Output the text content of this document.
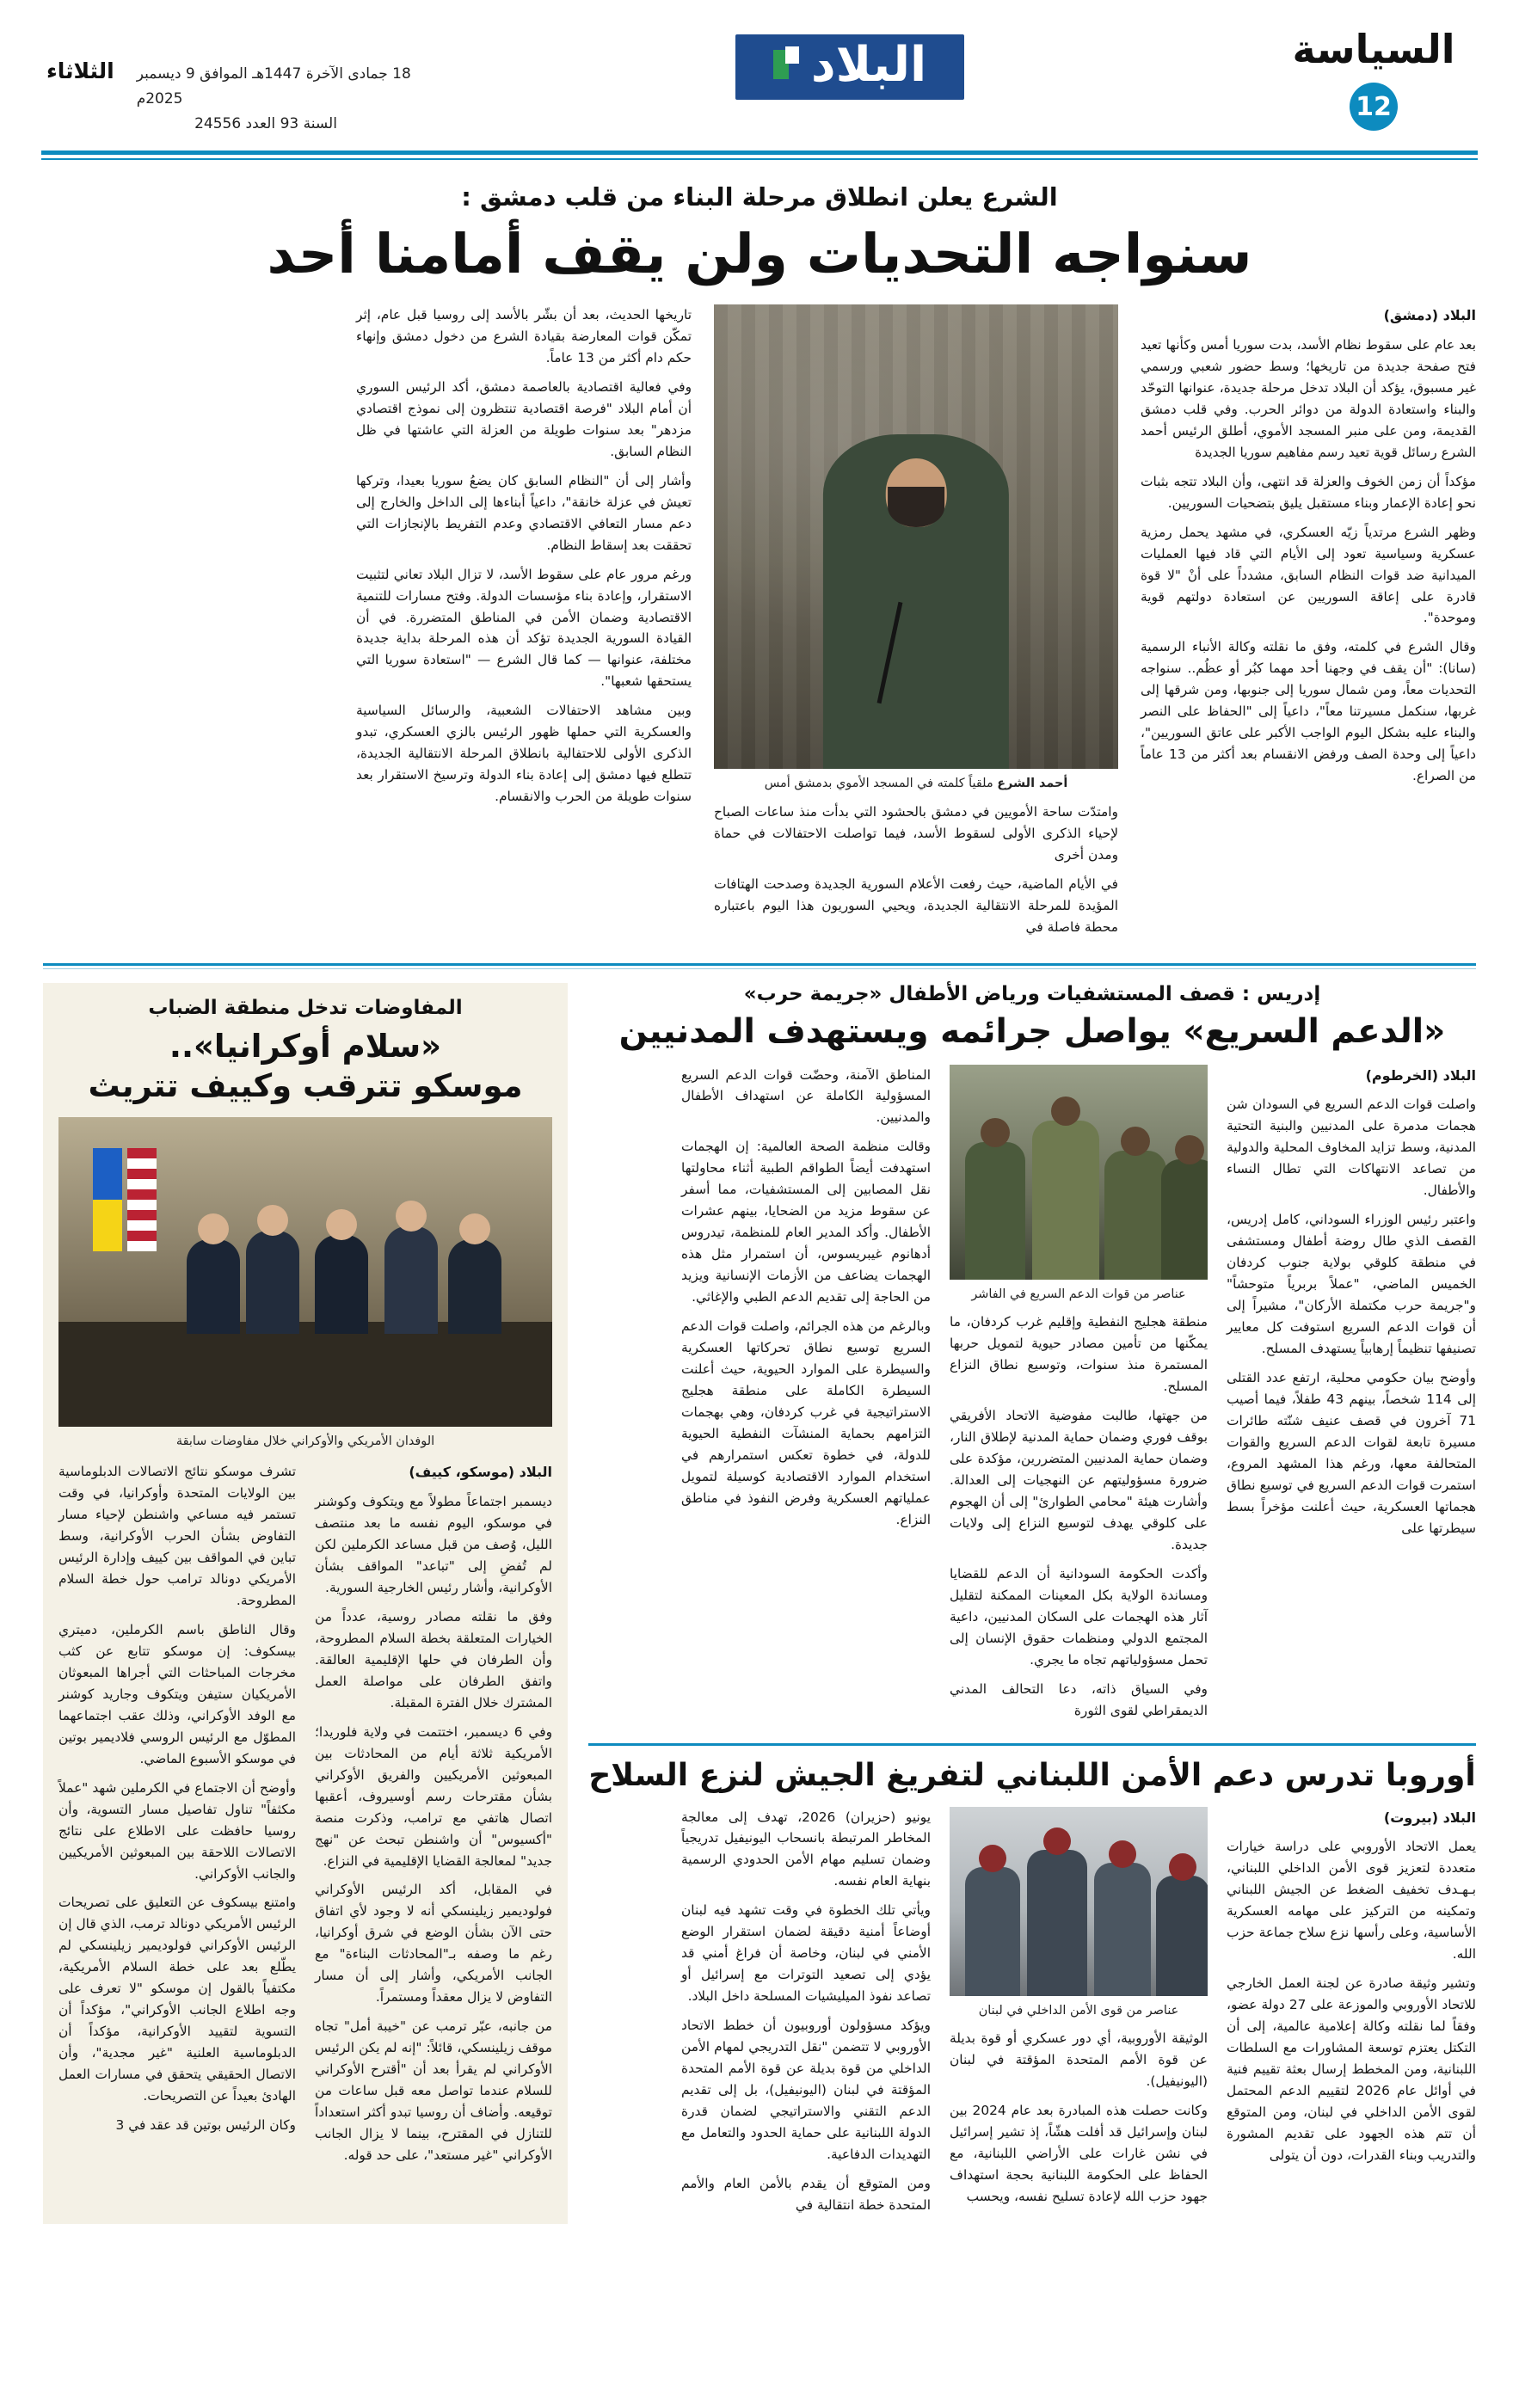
السياسة
12
البلاد
18 جمادى الآخرة 1447هـ الموافق 9 ديسمبر 2025م
الثلاثاء
السنة 93 العدد 24556
الشرع يعلن انطلاق مرحلة البناء من قلب دمشق :
سنواجه التحديات ولن يقف أمامنا أحد

البلاد (دمشق)

بعد عام على سقوط نظام الأسد، بدت سوريا أمس وكأنها تعيد فتح صفحة جديدة من تاريخها؛ وسط حضور شعبي ورسمي غير مسبوق، يؤكد أن البلاد تدخل مرحلة جديدة، عنوانها التوحّد والبناء واستعادة الدولة من دوائر الحرب. وفي قلب دمشق القديمة، ومن على منبر المسجد الأموي، أطلق الرئيس أحمد الشرع رسائل قوية تعيد رسم مفاهيم سوريا الجديدة

مؤكداً أن زمن الخوف والعزلة قد انتهى، وأن البلاد تتجه بثبات نحو إعادة الإعمار وبناء مستقبل يليق بتضحيات السوريين.

وظهر الشرع مرتدياً زيّه العسكري، في مشهد يحمل رمزية عسكرية وسياسية تعود إلى الأيام التي قاد فيها العمليات الميدانية ضد قوات النظام السابق، مشدداً على أنْ "لا قوة قادرة على إعاقة السوريين عن استعادة دولتهم قوية وموحدة".

وقال الشرع في كلمته، وفق ما نقلته وكالة الأنباء الرسمية (سانا): "أن يقف في وجهنا أحد مهما كبُر أو عظُم.. سنواجه التحديات معاً، ومن شمال سوريا إلى جنوبها، ومن شرقها إلى غربها، سنكمل مسيرتنا معاً"، داعياً إلى "الحفاظ على النصر والبناء عليه بشكل اليوم الواجب الأكبر على عاتق السوريين"، داعياً إلى وحدة الصف ورفض الانقسام بعد أكثر من 13 عاماً من الصراع.

أحمد الشرع ملقياً كلمته في المسجد الأموي بدمشق أمس

وامتدّت ساحة الأمويين في دمشق بالحشود التي بدأت منذ ساعات الصباح لإحياء الذكرى الأولى لسقوط الأسد، فيما تواصلت الاحتفالات في حماة ومدن أخرى

تاريخها الحديث، بعد أن بشّر بالأسد إلى روسيا قبل عام، إثر تمكّن قوات المعارضة بقيادة الشرع من دخول دمشق وإنهاء حكم دام أكثر من 13 عاماً.

وفي فعالية اقتصادية بالعاصمة دمشق، أكد الرئيس السوري أن أمام البلاد "فرصة اقتصادية تنتظرون إلى نموذج اقتصادي مزدهر" بعد سنوات طويلة من العزلة التي عاشتها في ظل النظام السابق.

وأشار إلى أن "النظام السابق كان يضعُ سوريا بعيدا، وتركها تعيش في عزلة خانقة"، داعياً أبناءها إلى الداخل والخارج إلى دعم مسار التعافي الاقتصادي وعدم التفريط بالإنجازات التي تحققت بعد إسقاط النظام.

ورغم مرور عام على سقوط الأسد، لا تزال البلاد تعاني لتثبيت الاستقرار، وإعادة بناء مؤسسات الدولة. وفتح مسارات للتنمية الاقتصادية وضمان الأمن في المناطق المتضررة. في أن القيادة السورية الجديدة تؤكد أن هذه المرحلة بداية جديدة مختلفة، عنوانها — كما قال الشرع — "استعادة سوريا التي يستحقها شعبها".

وبين مشاهد الاحتفالات الشعبية، والرسائل السياسية والعسكرية التي حملها ظهور الرئيس بالزي العسكري، تبدو الذكرى الأولى للاحتفالية بانطلاق المرحلة الانتقالية الجديدة، تتطلع فيها دمشق إلى إعادة بناء الدولة وترسيخ الاستقرار بعد سنوات طويلة من الحرب والانقسام.

في الأيام الماضية، حيث رفعت الأعلام السورية الجديدة وصدحت الهتافات المؤيدة للمرحلة الانتقالية الجديدة، ويحيي السوريون هذا اليوم باعتباره محطة فاصلة في

إدريس : قصف المستشفيات ورياض الأطفال «جريمة حرب»
«الدعم السريع» يواصل جرائمه ويستهدف المدنيين

البلاد (الخرطوم)

واصلت قوات الدعم السريع في السودان شن هجمات مدمرة على المدنيين والبنية التحتية المدنية، وسط تزايد المخاوف المحلية والدولية من تصاعد الانتهاكات التي تطال النساء والأطفال.

واعتبر رئيس الوزراء السوداني، كامل إدريس، القصف الذي طال روضة أطفال ومستشفى في منطقة كلوقي بولاية جنوب كردفان الخميس الماضي، "عملاً بربرياً متوحشاً" و"جريمة حرب مكتملة الأركان"، مشيراً إلى أن قوات الدعم السريع استوفت كل معايير تصنيفها تنظيماً إرهابياً يستهدف المسلح.

وأوضح بيان حكومي محلية، ارتفع عدد القتلى إلى 114 شخصاً، بينهم 43 طفلاً، فيما أصيب 71 آخرون في قصف عنيف شنّته طائرات مسيرة تابعة لقوات الدعم السريع والقوات المتحالفة معها، ورغم هذا المشهد المروع، استمرت قوات الدعم السريع في توسيع نطاق هجماتها العسكرية، حيث أعلنت مؤخراً بسط سيطرتها على

عناصر من قوات الدعم السريع في الفاشر

منطقة هجليج النفطية وإقليم غرب كردفان، ما يمكّنها من تأمين مصادر حيوية لتمويل حربها المستمرة منذ سنوات، وتوسيع نطاق النزاع المسلح.

من جهتها، طالبت مفوضية الاتحاد الأفريقي بوقف فوري وضمان حماية المدنية لإطلاق النار، وضمان حماية المدنيين المتضررين، مؤكدة على ضرورة مسؤوليتهم عن النهجيات إلى العدالة. وأشارت هيئة "محامي الطوارئ" إلى أن الهجوم على كلوقي يهدف لتوسيع النزاع إلى ولايات جديدة.

وأكدت الحكومة السودانية أن الدعم للقضايا ومساندة الولاية بكل المعينات الممكنة لتقليل آثار هذه الهجمات على السكان المدنيين، داعية المجتمع الدولي ومنظمات حقوق الإنسان إلى تحمل مسؤولياتهم تجاه ما يجري.

وفي السياق ذاته، دعا التحالف المدني الديمقراطي لقوى الثورة

المناطق الآمنة، وحضّت قوات الدعم السريع المسؤولية الكاملة عن استهداف الأطفال والمدنيين.

وقالت منظمة الصحة العالمية: إن الهجمات استهدفت أيضاً الطواقم الطبية أثناء محاولتها نقل المصابين إلى المستشفيات، مما أسفر عن سقوط مزيد من الضحايا، بينهم عشرات الأطفال. وأكد المدير العام للمنظمة، تيدروس أدهانوم غيبريسوس، أن استمرار مثل هذه الهجمات يضاعف من الأزمات الإنسانية ويزيد من الحاجة إلى تقديم الدعم الطبي والإغاثي.

وبالرغم من هذه الجرائم، واصلت قوات الدعم السريع توسيع نطاق تحركاتها العسكرية والسيطرة على الموارد الحيوية، حيث أعلنت السيطرة الكاملة على منطقة هجليج الاستراتيجية في غرب كردفان، وهي بهجمات التزامهم بحماية المنشآت النفطية الحيوية للدولة، في خطوة تعكس استمرارهم في استخدام الموارد الاقتصادية كوسيلة لتمويل عملياتهم العسكرية وفرض النفوذ في مناطق النزاع.

أوروبا تدرس دعم الأمن اللبناني لتفريغ الجيش لنزع السلاح

البلاد (بيروت)

يعمل الاتحاد الأوروبي على دراسة خيارات متعددة لتعزيز قوى الأمن الداخلي اللبناني، بـهـدف تخفيف الضغط عن الجيش اللبناني وتمكينه من التركيز على مهامه العسكرية الأساسية، وعلى رأسها نزع سلاح جماعة حزب الله.

وتشير وثيقة صادرة عن لجنة العمل الخارجي للاتحاد الأوروبي والموزعة على 27 دولة عضو، وفقاً لما نقلته وكالة إعلامية عالمية، إلى أن التكتل يعتزم توسعة المشاورات مع السلطات اللبنانية، ومن المخطط إرسال بعثة تقييم فنية في أوائل عام 2026 لتقييم الدعم المحتمل لقوى الأمن الداخلي في لبنان، ومن المتوقع أن تتم هذه الجهود على تقديم المشورة والتدريب وبناء القدرات، دون أن يتولى

عناصر من قوى الأمن الداخلي في لبنان

الوثيقة الأوروبية، أي دور عسكري أو قوة بديلة عن قوة الأمم المتحدة المؤقتة في لبنان (اليونيفيل).

وكانت حصلت هذه المبادرة بعد عام 2024 بين لبنان وإسرائيل قد أفلت هشّاً، إذ تشير إسرائيل في نشن غارات على الأراضي اللبنانية، مع الحفاظ على الحكومة اللبنانية بحجة استهداف جهود حزب الله لإعادة تسليح نفسه، ويحسب

يونيو (حزيران) 2026، تهدف إلى معالجة المخاطر المرتبطة بانسحاب اليونيفيل تدريجياً وضمان تسليم مهام الأمن الحدودي الرسمية بنهاية العام نفسه.

ويأتي تلك الخطوة في وقت تشهد فيه لبنان أوضاعاً أمنية دقيقة لضمان استقرار الوضع الأمني في لبنان، وخاصة أن فراغ أمني قد يؤدي إلى تصعيد التوترات مع إسرائيل أو تصاعد نفوذ الميليشيات المسلحة داخل البلاد.

ويؤكد مسؤولون أوروبيون أن خطط الاتحاد الأوروبي لا تتضمن "نقل التدريجي لمهام الأمن الداخلي من قوة بديلة عن قوة الأمم المتحدة المؤقتة في لبنان (اليونيفيل)، بل إلى تقديم الدعم التقني والاستراتيجي لضمان قدرة الدولة اللبنانية على حماية الحدود والتعامل مع التهديدات الدفاعية.

ومن المتوقع أن يقدم بالأمن العام والأمم المتحدة خطة انتقالية في

المفاوضات تدخل منطقة الضباب
«سلام أوكرانيا»..
موسكو تترقب وكييف تتريث
الوفدان الأمريكي والأوكراني خلال مفاوضات سابقة

البلاد (موسكو، كييف)

ديسمبر اجتماعاً مطولاً مع ويتكوف وكوشنر في موسكو، اليوم نفسه ما بعد منتصف الليل، وُصف من قبل مساعد الكرملين لكن لم تُفضِ إلى "تباعد" المواقف بشأن الأوكرانية، وأشار رئيس الخارجية السورية.

وفق ما نقلته مصادر روسية، عدداً من الخيارات المتعلقة بخطة السلام المطروحة، وأن الطرفان في حلها الإقليمية العالقة. واتفق الطرفان على مواصلة العمل المشترك خلال الفترة المقبلة.

وفي 6 ديسمبر، اختتمت في ولاية فلوريدا؛ الأمريكية ثلاثة أيام من المحادثات بين المبعوثين الأمريكيين والفريق الأوكراني بشأن مقترحات رسم أوسيروف، أعقبها اتصال هاتفي مع ترامب، وذكرت منصة "أكسيوس" أن واشنطن تبحث عن "نهج جديد" لمعالجة القضايا الإقليمية في النزاع.

في المقابل، أكد الرئيس الأوكراني فولوديمير زيلينسكي أنه لا وجود لأي اتفاق حتى الآن بشأن الوضع في شرق أوكرانيا، رغم ما وصفه بـ"المحادثات البناءة" مع الجانب الأمريكي، وأشار إلى أن مسار التفاوض لا يزال معقداً ومستمراً.

من جانبه، عبّر ترمب عن "خيبة أمل" تجاه موقف زيلينسكي، قائلاً: "إنه لم يكن الرئيس الأوكراني لم يقرأ بعد أن "أقترح الأوكراني للسلام عندما تواصل معه قبل ساعات من توقيعه. وأضاف أن روسيا تبدو أكثر استعداداً للتنازل في المقترح، بينما لا يزال الجانب الأوكراني "غير مستعد"، على حد قوله.

تشرف موسكو نتائج الاتصالات الدبلوماسية بين الولايات المتحدة وأوكرانيا، في وقت تستمر فيه مساعي واشنطن لإحياء مسار التفاوض بشأن الحرب الأوكرانية، وسط تباين في المواقف بين كييف وإدارة الرئيس الأمريكي دونالد ترامب حول خطة السلام المطروحة.

وقال الناطق باسم الكرملين، دميتري بيسكوف: إن موسكو تتابع عن كثب مخرجات المباحثات التي أجراها المبعوثان الأمريكيان ستيفن ويتكوف وجاريد كوشنر مع الوفد الأوكراني، وذلك عقب اجتماعهما المطوّل مع الرئيس الروسي فلاديمير بوتين في موسكو الأسبوع الماضي.

وأوضح أن الاجتماع في الكرملين شهد "عملاً مكثفاً" تناول تفاصيل مسار التسوية، وأن روسيا حافظت على الاطلاع على نتائج الاتصالات اللاحقة بين المبعوثين الأمريكيين والجانب الأوكراني.

وامتنع بيسكوف عن التعليق على تصريحات الرئيس الأمريكي دونالد ترمب، الذي قال إن الرئيس الأوكراني فولوديمير زيلينسكي لم يطّلع بعد على خطة السلام الأمريكية، مكتفياً بالقول إن موسكو "لا تعرف على وجه اطلاع الجانب الأوكراني"، مؤكداً أن التسوية لتقييد الأوكرانية، مؤكداً أن الدبلوماسية العلنية "غير مجدية"، وأن الاتصال الحقيقي يتحقق في مسارات العمل الهادئ بعيداً عن التصريحات.

وكان الرئيس بوتين قد عقد في 3
